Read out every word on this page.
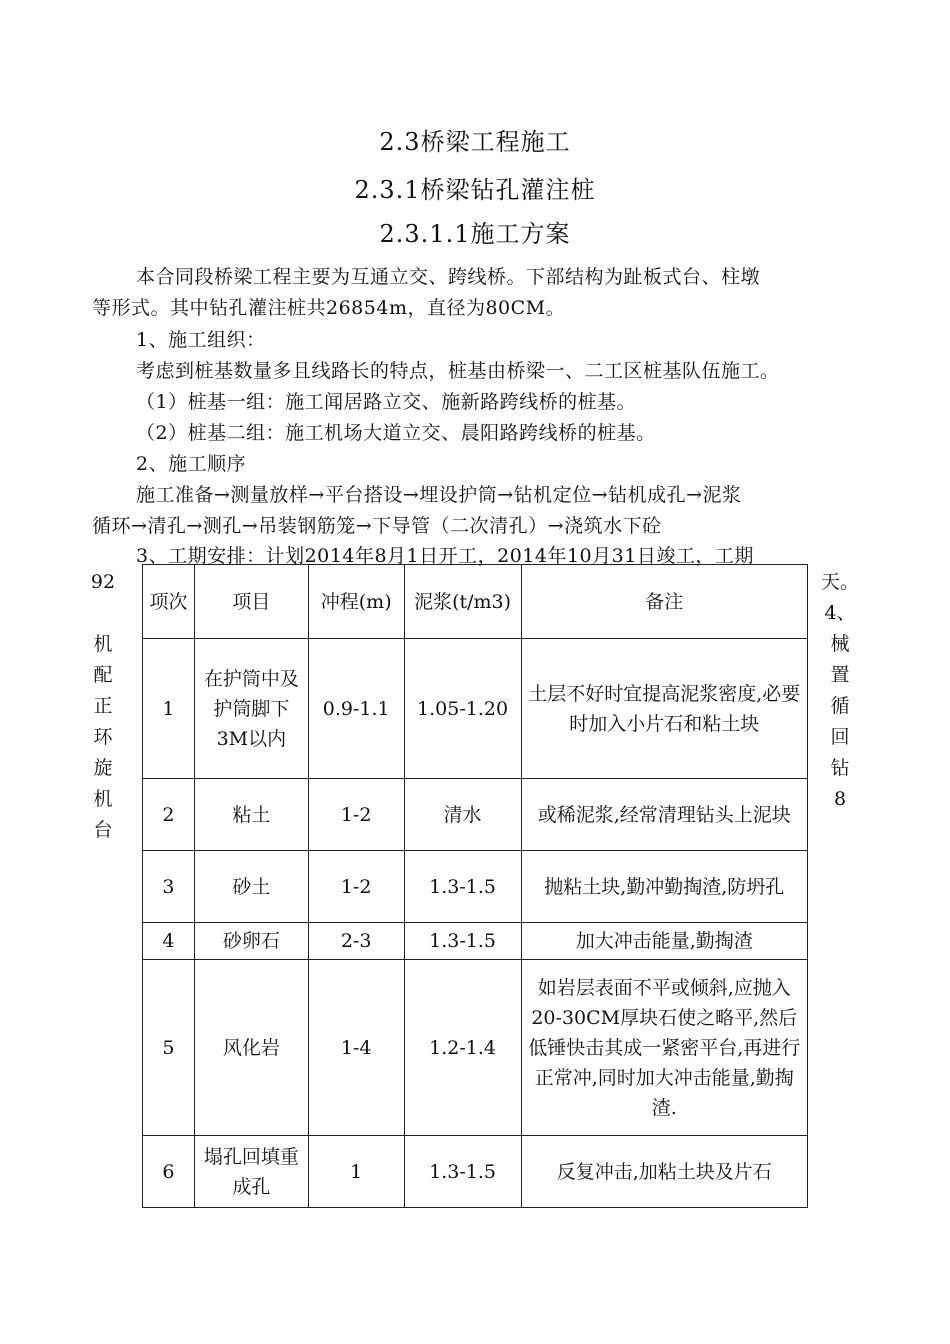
2.3桥梁工程施工
2.3.1桥梁钻孔灌注桩
2.3.1.1施工方案
本合同段桥梁工程主要为互通立交、跨线桥。下部结构为趾板式台、柱墩
等形式。其中钻孔灌注桩共26854m，直径为80CM。
1、施工组织：
考虑到桩基数量多且线路长的特点，桩基由桥梁一、二工区桩基队伍施工。
（1）桩基一组：施工闻居路立交、施新路跨线桥的桩基。
（2）桩基二组：施工机场大道立交、晨阳路跨线桥的桩基。
2、施工顺序
施工准备→测量放样→平台搭设→埋设护筒→钻机定位→钻机成孔→泥浆
循环→清孔→测孔→吊装钢筋笼→下导管（二次清孔）→浇筑水下砼
3、工期安排：计划2014年8月1日开工，2014年10月31日竣工，工期
92

机
配
正
环
旋
机
台
天。
4、
械
置
循
回
钻
8
项次	项目	冲程(m)	泥浆(t/m3)	备注
1	在护筒中及护筒脚下3M以内	0.9-1.1	1.05-1.20	土层不好时宜提高泥浆密度,必要时加入小片石和粘土块
2	粘土	1-2	清水	或稀泥浆,经常清理钻头上泥块
3	砂土	1-2	1.3-1.5	抛粘土块,勤冲勤掏渣,防坍孔
4	砂卵石	2-3	1.3-1.5	加大冲击能量,勤掏渣
5	风化岩	1-4	1.2-1.4	如岩层表面不平或倾斜,应抛入20-30CM厚块石使之略平,然后低锤快击其成一紧密平台,再进行正常冲,同时加大冲击能量,勤掏渣.
6	塌孔回填重成孔	1	1.3-1.5	反复冲击,加粘土块及片石
